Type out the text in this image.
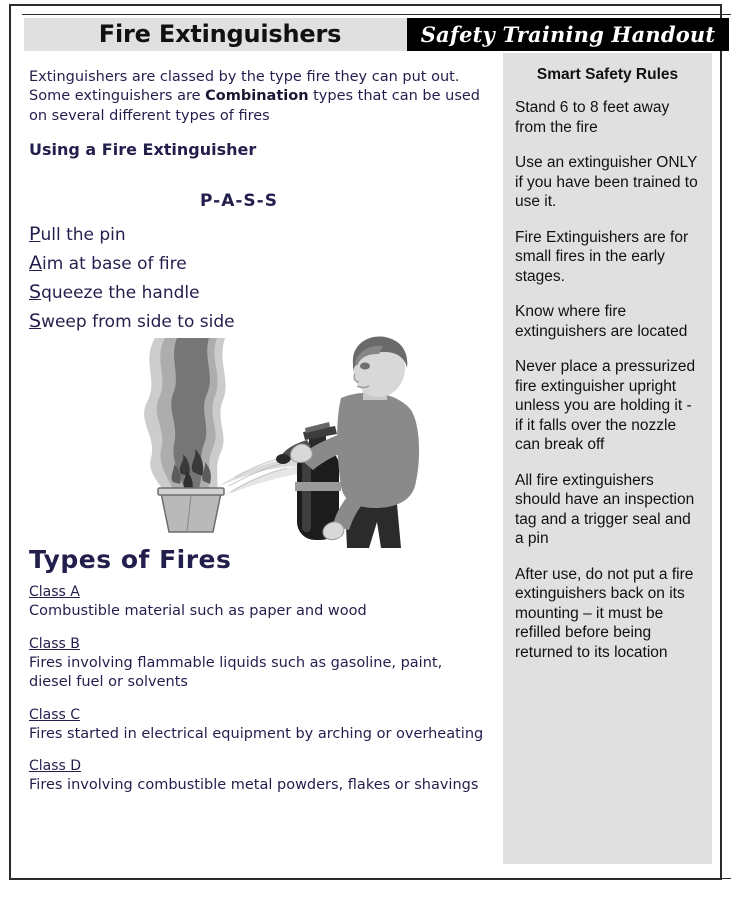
Fire Extinguishers	Safety Training Handout

Extinguishers are classed by the type fire they can put out. Some extinguishers are Combination types that can be used on several different types of fires

Using a Fire Extinguisher
P-A-S-S
Pull the pin
Aim at base of fire
Squeeze the handle
Sweep from side to side
Types of Fires
Class A
Combustible material such as paper and wood
Class B
Fires involving flammable liquids such as gasoline, paint, diesel fuel or solvents
Class C
Fires started in electrical equipment by arching or overheating
Class D
Fires involving combustible metal powders, flakes or shavings
Smart Safety Rules
Stand 6 to 8 feet away from the fire
Use an extinguisher ONLY if you have been trained to use it.
Fire Extinguishers are for small fires in the early stages.
Know where fire extinguishers are located
Never place a pressurized fire extinguisher upright unless you are holding it - if it falls over the nozzle can break off
All fire extinguishers should have an inspection tag and a trigger seal and a pin
After use, do not put a fire extinguishers back on its mounting – it must be refilled before being returned to its location
